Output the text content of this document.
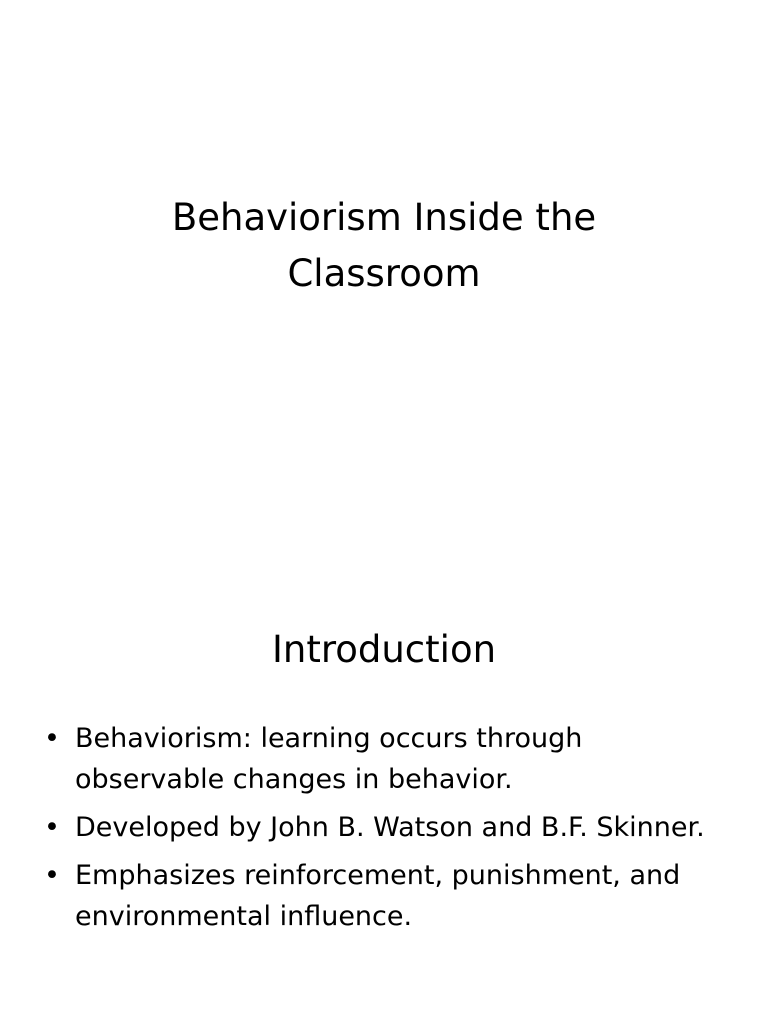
Behaviorism Inside the
Classroom
Introduction
• Behaviorism: learning occurs through observable changes in behavior.
• Developed by John B. Watson and B.F. Skinner.
• Emphasizes reinforcement, punishment, and environmental influence.
